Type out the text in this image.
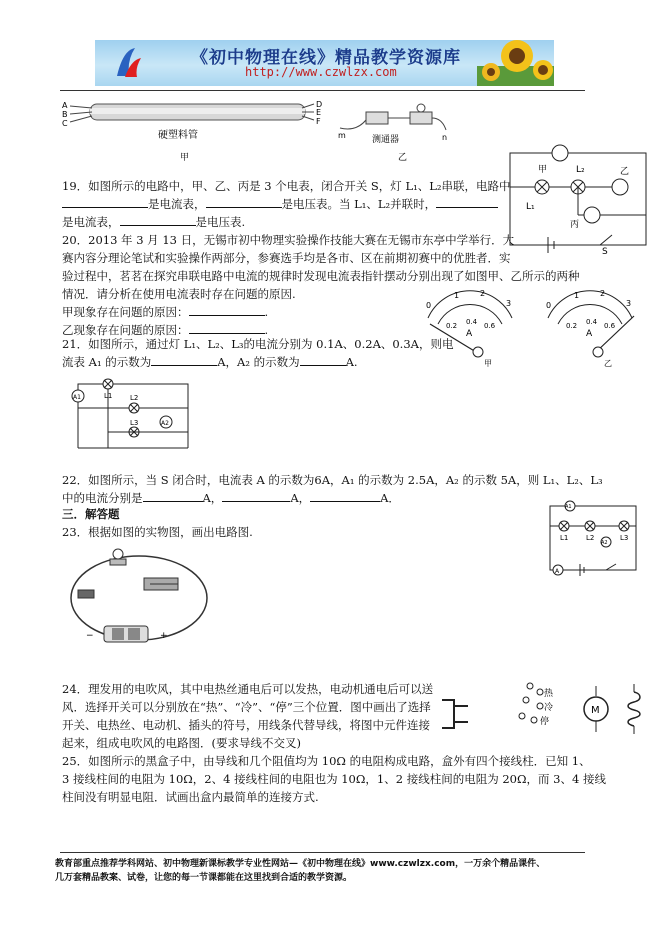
《初中物理在线》精品教学资源库
http://www.czwlzx.com
A
B
C
D
E
F
硬塑料管
甲
m	n
测通器
乙
甲	L₂	乙
L₁
丙
S
19．如图所示的电路中，甲、乙、丙是 3 个电表，闭合开关 S，灯 L₁、L₂串联，电路中
是电流表，	是电压表。当 L₁、L₂并联时，
是电流表，	是电压表.
20．2013 年 3 月 13 日，无锡市初中物理实验操作技能大赛在无锡市东亭中学举行．大
赛内容分理论笔试和实验操作两部分，参赛选手均是各市、区在前期初赛中的优胜者．实
验过程中，茗茗在探究串联电路中电流的规律时发现电流表指针摆动分别出现了如图甲、乙所示的两种
情况．请分析在使用电流表时存在问题的原因.
甲现象存在问题的原因：	.
乙现象存在问题的原因：	.
0
1	2
3
0.2 0.4 0.6
A
甲
0
1	2
3
0.2 0.4 0.6
A
乙
21．如图所示，通过灯 L₁、L₂、L₃的电流分别为 0.1A、0.2A、0.3A，则电
流表 A₁ 的示数为	A，A₂ 的示数为	A.
A1	L1	L2
L3	A2
22．如图所示，当 S 闭合时，电流表 A 的示数为6A，A₁ 的示数为 2.5A，A₂ 的示数 5A，则 L₁、L₂、L₃
中的电流分别是	A，	A，	A．
A1
L1	L2	L3
A2
A
三．解答题
23．根据如图的实物图，画出电路图.
−	+
24．理发用的电吹风，其中电热丝通电后可以发热，电动机通电后可以送
风．选择开关可以分别放在“热”、“冷”、“停”三个位置．图中画出了选择
开关、电热丝、电动机、插头的符号，用线条代替导线，将图中元件连接
起来，组成电吹风的电路图．(要求导线不交叉)
热
冷
停
M
25．如图所示的黑盒子中，由导线和几个阻值均为 10Ω 的电阻构成电路，盒外有四个接线柱．已知 1、
3 接线柱间的电阻为 10Ω，2、4 接线柱间的电阻也为 10Ω，1、2 接线柱间的电阻为 20Ω，而 3、4 接线
柱间没有明显电阻．试画出盒内最简单的连接方式.
教育部重点推荐学科网站、初中物理新课标教学专业性网站—《初中物理在线》www.czwlzx.com，一万余个精品课件、
几万套精品教案、试卷，让您的每一节课都能在这里找到合适的教学资源。
